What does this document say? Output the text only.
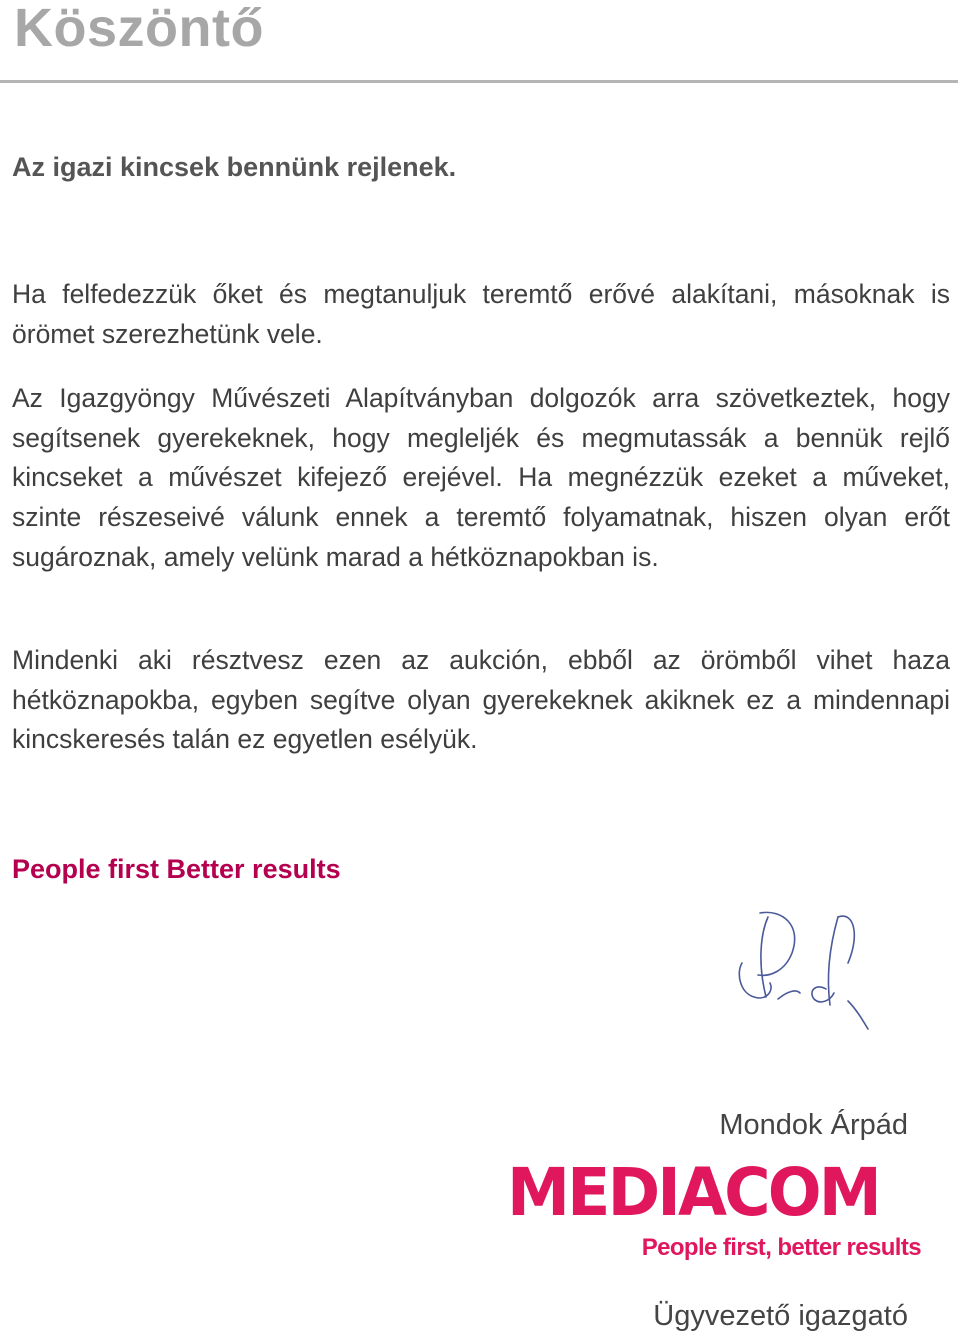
Köszöntő
Az igazi kincsek bennünk rejlenek.

Ha felfedezzük őket és megtanuljuk teremtő erővé alakítani, másoknak is örömet szerezhetünk vele.

Az Igazgyöngy Művészeti Alapítványban dolgozók arra szövetkeztek, hogy segítsenek gyerekeknek, hogy megleljék és megmutassák a bennük rejlő kincseket a művészet kifejező erejével. Ha megnézzük ezeket a műveket, szinte részeseivé válunk ennek a teremtő folyamatnak, hiszen olyan erőt sugároznak, amely velünk marad a hétköznapokban is.

Mindenki aki résztvesz ezen az aukción, ebből az örömből vihet haza hétköznapokba, egyben segítve olyan gyerekeknek akiknek ez a mindennapi kincskeresés talán ez egyetlen esélyük.

People first Better results

Mondok Árpád

MEDIACOM
People first, better results

Ügyvezető igazgató
